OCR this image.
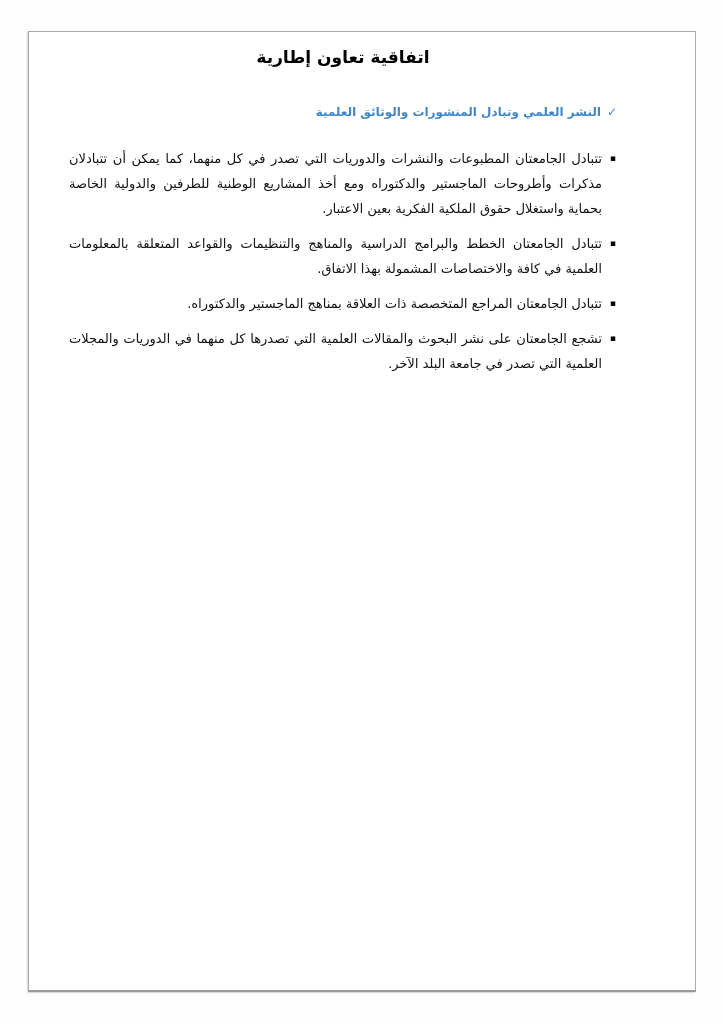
اتفاقية تعاون إطارية
✓
النشر العلمي وتبادل المنشورات والوثائق العلمية
▪
تتبادل الجامعتان المطبوعات والنشرات والدوريات التي تصدر في كل منهما، كما يمكن أن تتبادلان مذكرات وأطروحات الماجستير والدكتوراه ومع أخذ المشاريع الوطنية للطرفين والدولية الخاصة بحماية واستغلال حقوق الملكية الفكرية بعين الاعتبار.
▪
تتبادل الجامعتان الخطط والبرامج الدراسية والمناهج والتنظيمات والقواعد المتعلقة بالمعلومات العلمية في كافة والاختصاصات المشمولة بهذا الاتفاق.
▪
تتبادل الجامعتان المراجع المتخصصة ذات العلاقة بمناهج الماجستير والدكتوراه.
▪
تشجع الجامعتان على نشر البحوث والمقالات العلمية التي تصدرها كل منهما في الدوريات والمجلات العلمية التي تصدر في جامعة البلد الآخر.
